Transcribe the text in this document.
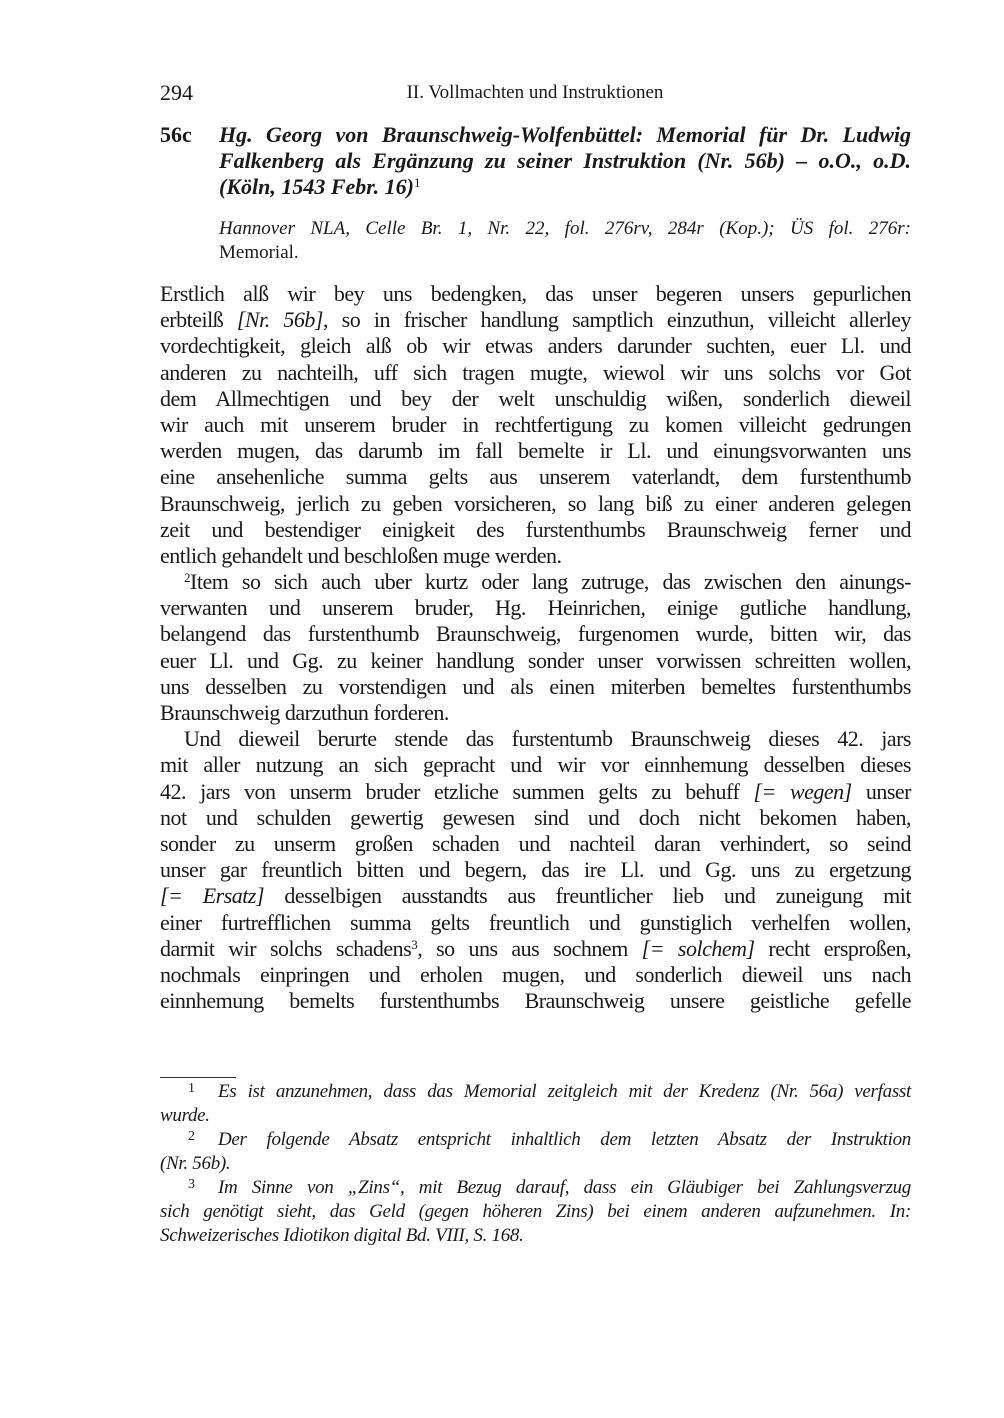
294	II. Vollmachten und Instruktionen
56c Hg. Georg von Braunschweig-Wolfenbüttel: Memorial für Dr. Ludwig
Falkenberg als Ergänzung zu seiner Instruktion (Nr. 56b) – o.O., o.D.
(Köln, 1543 Febr. 16)$^1$
Hannover NLA, Celle Br. 1, Nr. 22, fol. 276rv, 284r (Kop.); ÜS fol. 276r:
Memorial.
Erstlich alß wir bey uns bedengken, das unser begeren unsers gepurlichen
erbteilß [Nr. 56b], so in frischer handlung samptlich einzuthun, villeicht allerley
vordechtigkeit, gleich alß ob wir etwas anders darunder suchten, euer Ll. und
anderen zu nachteilh, uff sich tragen mugte, wiewol wir uns solchs vor Got
dem Allmechtigen und bey der welt unschuldig wißen, sonderlich dieweil
wir auch mit unserem bruder in rechtfertigung zu komen villeicht gedrungen
werden mugen, das darumb im fall bemelte ir Ll. und einungsvorwanten uns
eine ansehenliche summa gelts aus unserem vaterlandt, dem furstenthumb
Braunschweig, jerlich zu geben vorsicheren, so lang biß zu einer anderen gelegen
zeit und bestendiger einigkeit des furstenthumbs Braunschweig ferner und
entlich gehandelt und beschloßen muge werden.
$^2$Item so sich auch uber kurtz oder lang zutruge, das zwischen den ainungs-
verwanten und unserem bruder, Hg. Heinrichen, einige gutliche handlung,
belangend das furstenthumb Braunschweig, furgenomen wurde, bitten wir, das
euer Ll. und Gg. zu keiner handlung sonder unser vorwissen schreitten wollen,
uns desselben zu vorstendigen und als einen miterben bemeltes furstenthumbs
Braunschweig darzuthun forderen.
Und dieweil berurte stende das furstentumb Braunschweig dieses 42. jars
mit aller nutzung an sich gepracht und wir vor einnhemung desselben dieses
42. jars von unserm bruder etzliche summen gelts zu behuff [= wegen] unser
not und schulden gewertig gewesen sind und doch nicht bekomen haben,
sonder zu unserm großen schaden und nachteil daran verhindert, so seind
unser gar freuntlich bitten und begern, das ire Ll. und Gg. uns zu ergetzung
[= Ersatz] desselbigen ausstandts aus freuntlicher lieb und zuneigung mit
einer furtrefflichen summa gelts freuntlich und gunstiglich verhelfen wollen,
darmit wir solchs schadens$^3$, so uns aus sochnem [= solchem] recht ersproßen,
nochmals einpringen und erholen mugen, und sonderlich dieweil uns nach
einnhemung bemelts furstenthumbs Braunschweig unsere geistliche gefelle
1 Es ist anzunehmen, dass das Memorial zeitgleich mit der Kredenz (Nr. 56a) verfasst
wurde.
2 Der folgende Absatz entspricht inhaltlich dem letzten Absatz der Instruktion
(Nr. 56b).
3 Im Sinne von „Zins“, mit Bezug darauf, dass ein Gläubiger bei Zahlungsverzug
sich genötigt sieht, das Geld (gegen höheren Zins) bei einem anderen aufzunehmen. In:
Schweizerisches Idiotikon digital Bd. VIII, S. 168.
